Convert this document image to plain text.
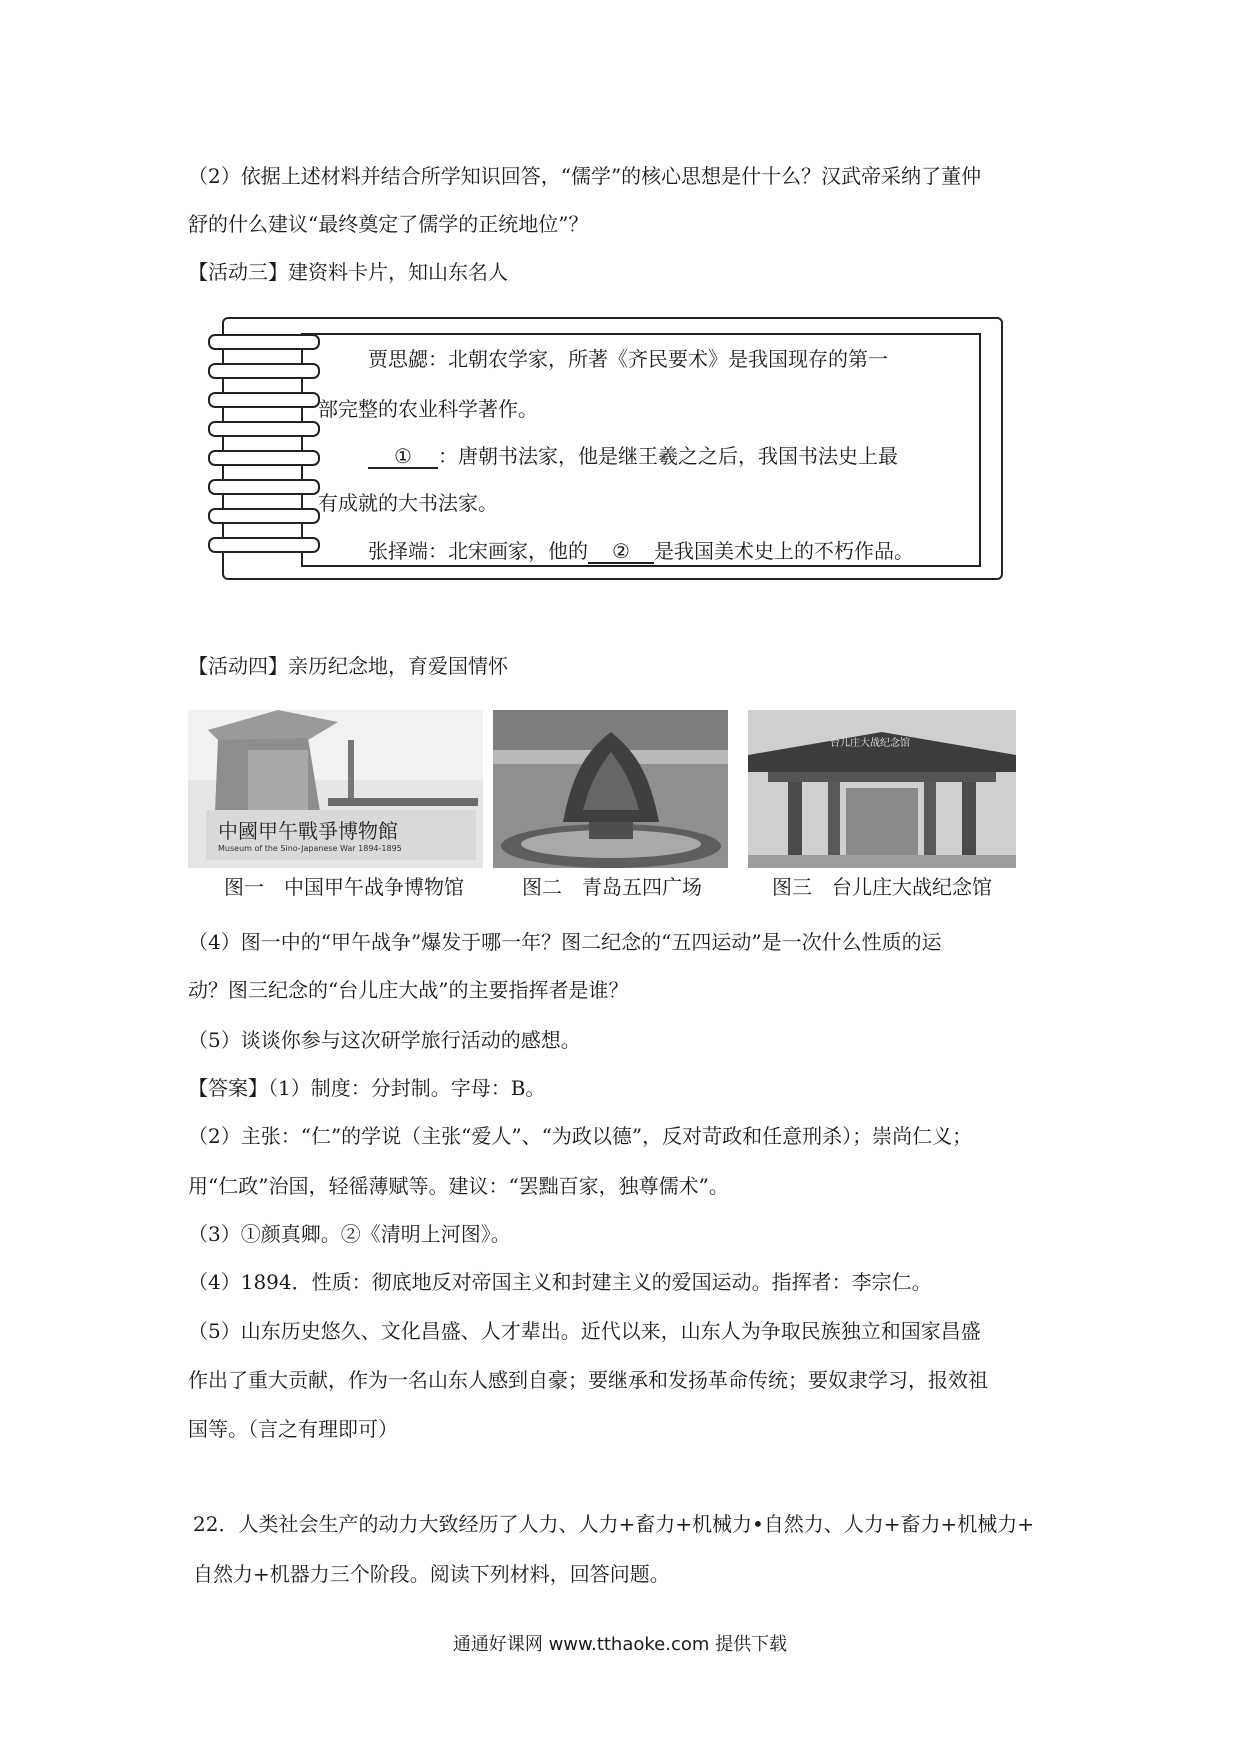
（2）依据上述材料并结合所学知识回答，“儒学”的核心思想是什十么？汉武帝采纳了董仲
舒的什么建议“最终奠定了儒学的正统地位”？
【活动三】建资料卡片，知山东名人
贾思勰：北朝农学家，所著《齐民要术》是我国现存的第一
部完整的农业科学著作。
① ：唐朝书法家，他是继王羲之之后，我国书法史上最
有成就的大书法家。
张择端：北宋画家，他的 ② 是我国美术史上的不朽作品。
【活动四】亲历纪念地，育爱国情怀
中國甲午戰爭博物館
Museum of the Sino-Japanese War 1894-1895
台儿庄大战纪念馆
图一　中国甲午战争博物馆	图二　青岛五四广场	图三　台儿庄大战纪念馆
（4）图一中的“甲午战争”爆发于哪一年？图二纪念的“五四运动”是一次什么性质的运
动？图三纪念的“台儿庄大战”的主要指挥者是谁？
（5）谈谈你参与这次研学旅行活动的感想。
【答案】（1）制度：分封制。字母：B。
（2）主张：“仁”的学说（主张“爱人”、“为政以德”，反对苛政和任意刑杀）；崇尚仁义；
用“仁政”治国，轻徭薄赋等。建议：“罢黜百家，独尊儒术”。
（3）①颜真卿。②《清明上河图》。
（4）1894．性质：彻底地反对帝国主义和封建主义的爱国运动。指挥者：李宗仁。
（5）山东历史悠久、文化昌盛、人才辈出。近代以来，山东人为争取民族独立和国家昌盛
作出了重大贡献，作为一名山东人感到自豪；要继承和发扬革命传统；要奴隶学习，报效祖
国等。（言之有理即可）
22．人类社会生产的动力大致经历了人力、人力+畜力+机械力•自然力、人力+畜力+机械力+
自然力+机器力三个阶段。阅读下列材料，回答问题。
通通好课网 www.tthaoke.com 提供下载
